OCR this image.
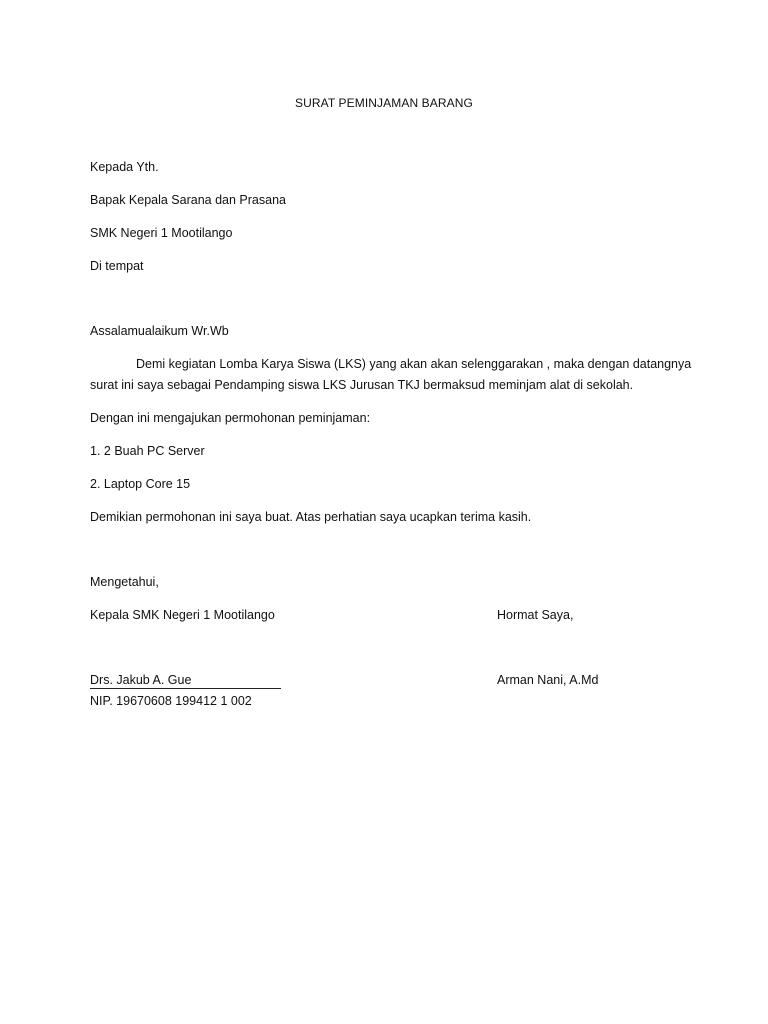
SURAT PEMINJAMAN BARANG
Kepada Yth.
Bapak Kepala Sarana dan Prasana
SMK Negeri 1 Mootilango
Di tempat
Assalamualaikum Wr.Wb
Demi kegiatan Lomba Karya Siswa (LKS) yang akan akan selenggarakan , maka dengan datangnya
surat ini saya sebagai Pendamping siswa LKS Jurusan TKJ bermaksud meminjam alat di sekolah.
Dengan ini mengajukan permohonan peminjaman:
1. 2 Buah PC Server
2. Laptop Core 15
Demikian permohonan ini saya buat. Atas perhatian saya ucapkan terima kasih.
Mengetahui,
Kepala SMK Negeri 1 Mootilango	Hormat Saya,
Drs. Jakub A. Gue	Arman Nani, A.Md
NIP. 19670608 199412 1 002
